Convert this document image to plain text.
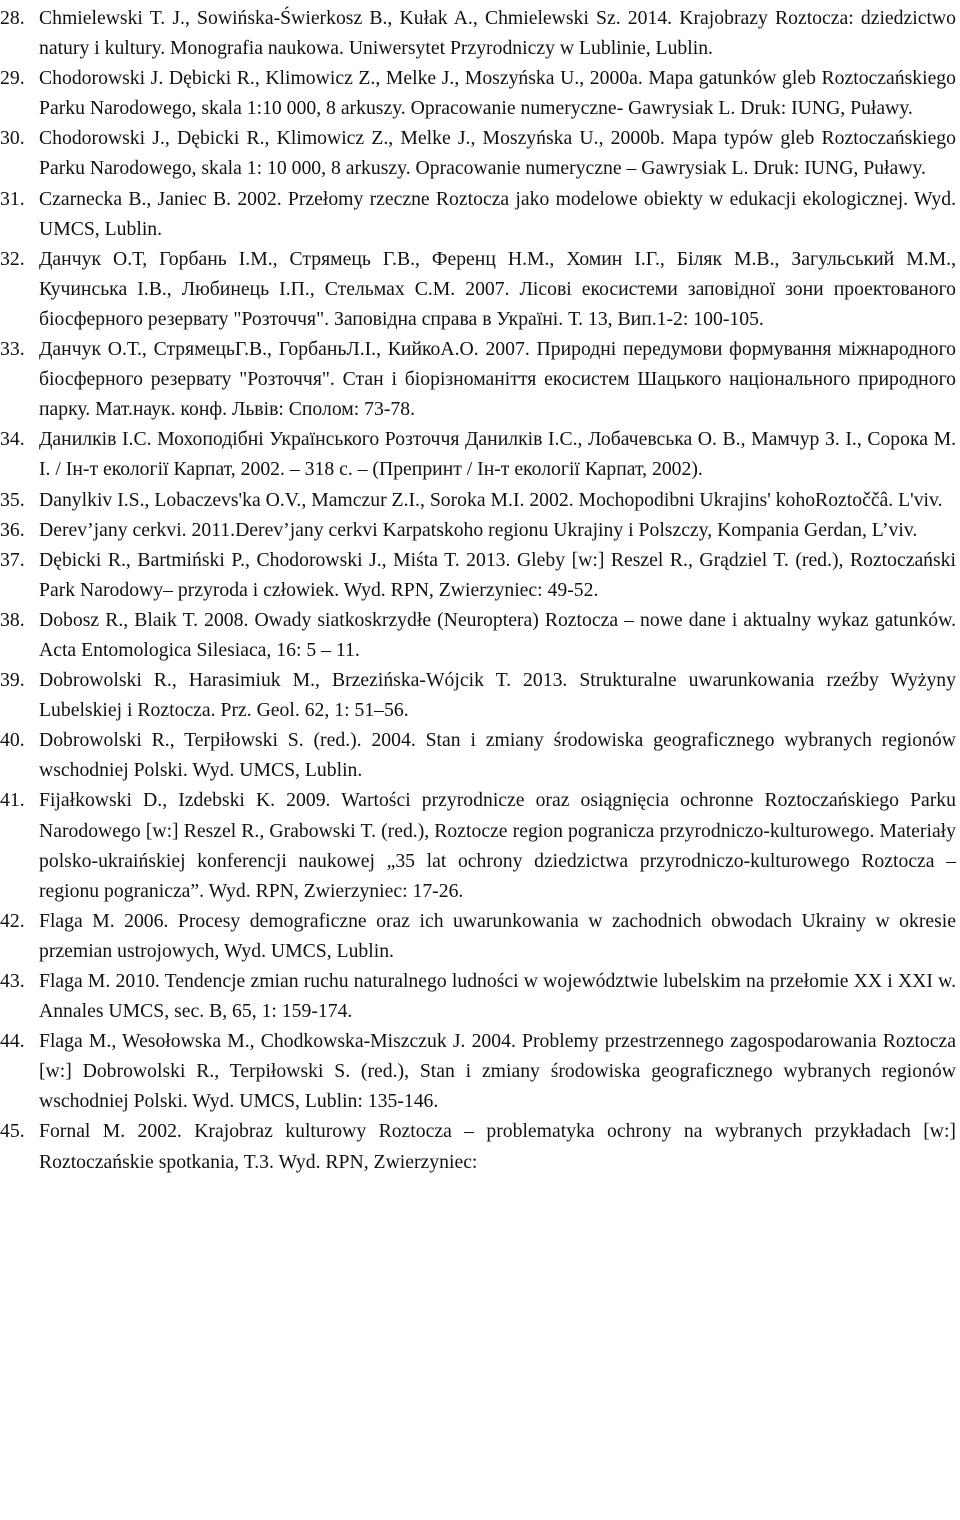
28. Chmielewski T. J., Sowińska-Świerkosz B., Kułak A., Chmielewski Sz. 2014. Krajobrazy Roztocza: dziedzictwo natury i kultury. Monografia naukowa. Uniwersytet Przyrodniczy w Lublinie, Lublin.
29. Chodorowski J. Dębicki R., Klimowicz Z., Melke J., Moszyńska U., 2000a. Mapa gatunków gleb Roztoczańskiego Parku Narodowego, skala 1:10 000, 8 arkuszy. Opracowanie numeryczne- Gawrysiak L. Druk: IUNG, Puławy.
30. Chodorowski J., Dębicki R., Klimowicz Z., Melke J., Moszyńska U., 2000b. Mapa typów gleb Roztoczańskiego Parku Narodowego, skala 1: 10 000, 8 arkuszy. Opracowanie numeryczne – Gawrysiak L. Druk: IUNG, Puławy.
31. Czarnecka B., Janiec B. 2002. Przełomy rzeczne Roztocza jako modelowe obiekty w edukacji ekologicznej. Wyd. UMCS, Lublin.
32. Данчук О.Т, Горбань І.М., Стрямець Г.В., Ференц Н.М., Хомин І.Г., Біляк М.В., Загульський М.М., Кучинська І.В., Любинець І.П., Стельмах С.М. 2007. Лісові екосистеми заповідної зони проектованого біосферного резервату "Розточчя". Заповідна справа в Україні. Т. 13, Вип.1-2: 100-105.
33. Данчук О.Т., СтрямецьГ.В., ГорбаньЛ.І., КийкоА.О. 2007. Природні передумови формування міжнародного біосферного резервату "Розточчя". Стан і біорізноманіття екосистем Шацького національного природного парку. Мат.наук. конф. Львів: Сполом: 73-78.
34. Данилків І.С. Мохоподібні Українського Розточчя Данилків І.С., Лобачевська О. В., Мамчур З. І., Сорока М. І. / Ін-т екології Карпат, 2002. – 318 с. – (Препринт / Ін-т екології Карпат, 2002).
35. Danylkiv I.S., Lobaczevs'ka O.V., Mamczur Z.I., Soroka M.I. 2002. Mochopodibni Ukrajins' kohoRoztoččâ. L'viv.
36. Derev’jany cerkvi. 2011.Derev’jany cerkvi Karpatskoho regionu Ukrajiny i Polszczy, Kompania Gerdan, L’viv.
37. Dębicki R., Bartmiński P., Chodorowski J., Miśta T. 2013. Gleby [w:] Reszel R., Grądziel T. (red.), Roztoczański Park Narodowy– przyroda i człowiek. Wyd. RPN, Zwierzyniec: 49-52.
38. Dobosz R., Blaik T. 2008. Owady siatkoskrzydłe (Neuroptera) Roztocza – nowe dane i aktualny wykaz gatunków. Acta Entomologica Silesiaca, 16: 5 – 11.
39. Dobrowolski R., Harasimiuk M., Brzezińska-Wójcik T. 2013. Strukturalne uwarunkowania rzeźby Wyżyny Lubelskiej i Roztocza. Prz. Geol. 62, 1: 51–56.
40. Dobrowolski R., Terpiłowski S. (red.). 2004. Stan i zmiany środowiska geograficznego wybranych regionów wschodniej Polski. Wyd. UMCS, Lublin.
41. Fijałkowski D., Izdebski K. 2009. Wartości przyrodnicze oraz osiągnięcia ochronne Roztoczańskiego Parku Narodowego [w:] Reszel R., Grabowski T. (red.), Roztocze region pogranicza przyrodniczo-kulturowego. Materiały polsko-ukraińskiej konferencji naukowej „35 lat ochrony dziedzictwa przyrodniczo-kulturowego Roztocza – regionu pogranicza”. Wyd. RPN, Zwierzyniec: 17-26.
42. Flaga M. 2006. Procesy demograficzne oraz ich uwarunkowania w zachodnich obwodach Ukrainy w okresie przemian ustrojowych, Wyd. UMCS, Lublin.
43. Flaga M. 2010. Tendencje zmian ruchu naturalnego ludności w województwie lubelskim na przełomie XX i XXI w. Annales UMCS, sec. B, 65, 1: 159-174.
44. Flaga M., Wesołowska M., Chodkowska-Miszczuk J. 2004. Problemy przestrzennego zagospodarowania Roztocza [w:] Dobrowolski R., Terpiłowski S. (red.), Stan i zmiany środowiska geograficznego wybranych regionów wschodniej Polski. Wyd. UMCS, Lublin: 135-146.
45. Fornal M. 2002. Krajobraz kulturowy Roztocza – problematyka ochrony na wybranych przykładach [w:] Roztoczańskie spotkania, T.3. Wyd. RPN, Zwierzyniec:
